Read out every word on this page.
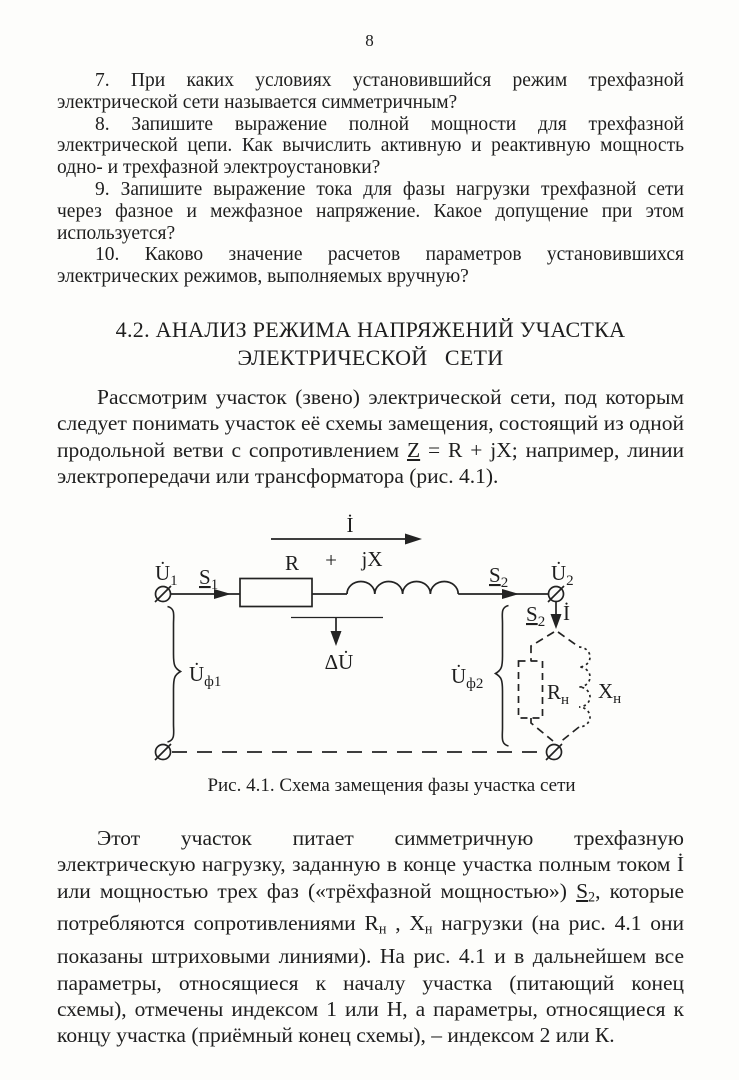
8

7. При каких условиях установившийся режим трехфазной электрической сети называется симметричным?

8. Запишите выражение полной мощности для трехфазной электрической цепи. Как вычислить активную и реактивную мощность одно- и трехфазной электроустановки?

9. Запишите выражение тока для фазы нагрузки трехфазной сети через фазное и межфазное напряжение. Какое допущение при этом используется?

10. Каково значение расчетов параметров установившихся электрических режимов, выполняемых вручную?

4.2. АНАЛИЗ РЕЖИМА НАПРЯЖЕНИЙ УЧАСТКА
ЭЛЕКТРИЧЕСКОЙ   СЕТИ

Рассмотрим участок (звено) электрической сети, под которым следует понимать участок её схемы замещения, состоящий из одной продольной ветви с сопротивлением Z = R + jX; например, линии электропередачи или трансформатора (рис. 4.1).

İ
$U̇_1$ $S_1$
R + jX
$S_2$ $U̇_2$
$S_2$ İ
ΔU̇
$U̇_{ф1}$	$U̇_{ф2}$	$R_н$ $X_н$
Рис. 4.1. Схема замещения фазы участка сети

Этот участок питает симметричную трехфазную электрическую нагрузку, заданную в конце участка полным током İ или мощностью трех фаз («трёхфазной мощностью») S2, которые потребляются сопротивлениями Rн , Xн нагрузки (на рис. 4.1 они показаны штриховыми линиями). На рис. 4.1 и в дальнейшем все параметры, относящиеся к началу участка (питающий конец схемы), отмечены индексом 1 или Н, а параметры, относящиеся к концу участка (приёмный конец схемы), – индексом 2 или К.
